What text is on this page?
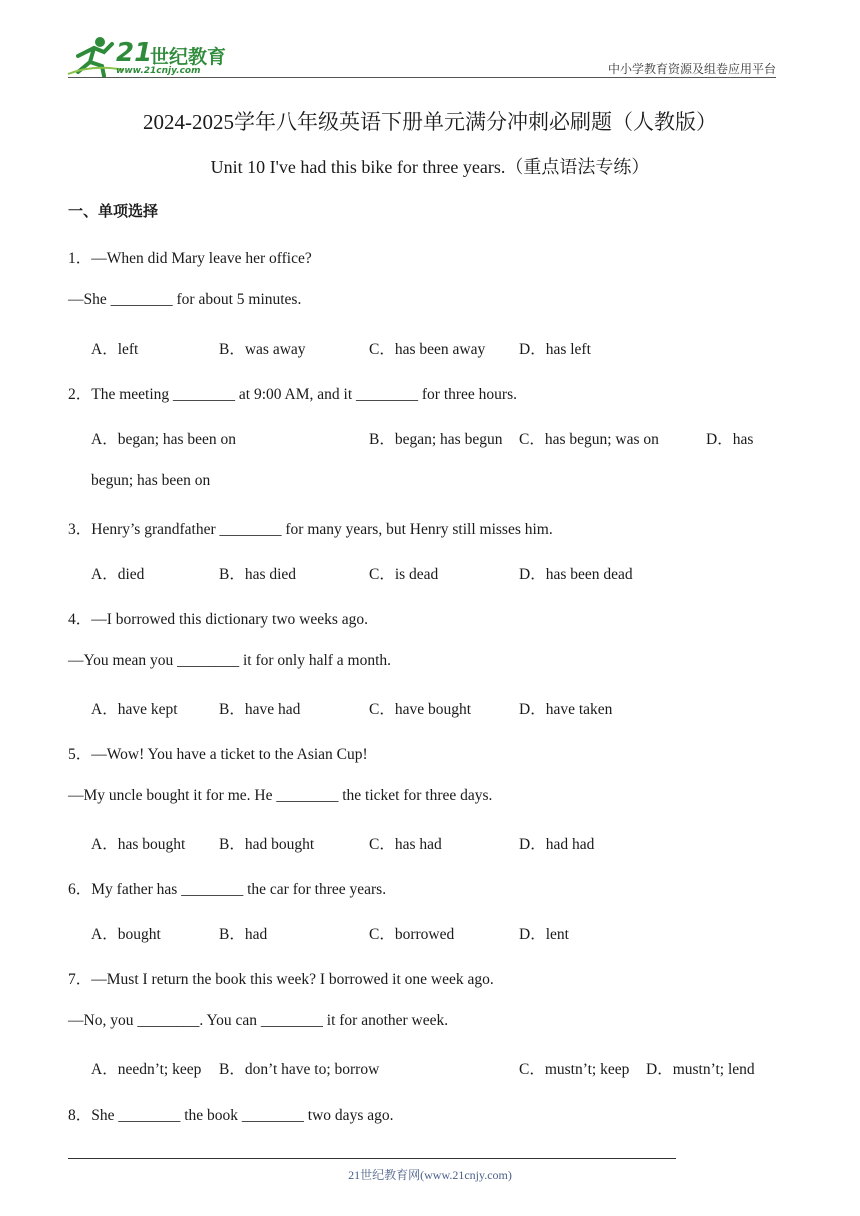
21
世纪教育
www.21cnjy.com	中小学教育资源及组卷应用平台
2024-2025学年八年级英语下册单元满分冲刺必刷题（人教版）
Unit 10 I've had this bike for three years.（重点语法专练）
一、单项选择
1．—When did Mary leave her office?
—She ________ for about 5 minutes.
A．left	B．was away	C．has been away D．has left
2．The meeting ________ at 9:00 AM, and it ________ for three hours.
A．began; has been on	B．began; has begun C．has begun; was on	D．has
begun; has been on
3．Henry’s grandfather ________ for many years, but Henry still misses him.
A．died	B．has died	C．is dead	D．has been dead
4．—I borrowed this dictionary two weeks ago.
—You mean you ________ it for only half a month.
A．have kept	B．have had	C．have bought	D．have taken
5．—Wow! You have a ticket to the Asian Cup!
—My uncle bought it for me. He ________ the ticket for three days.
A．has bought B．had bought	C．has had	D．had had
6．My father has ________ the car for three years.
A．bought	B．had	C．borrowed	D．lent
7．—Must I return the book this week? I borrowed it one week ago.
—No, you ________. You can ________ it for another week.
A．needn’t; keep B．don’t have to; borrow	C．mustn’t; keep D．mustn’t; lend
8．She ________ the book ________ two days ago.
21世纪教育网(www.21cnjy.com)
